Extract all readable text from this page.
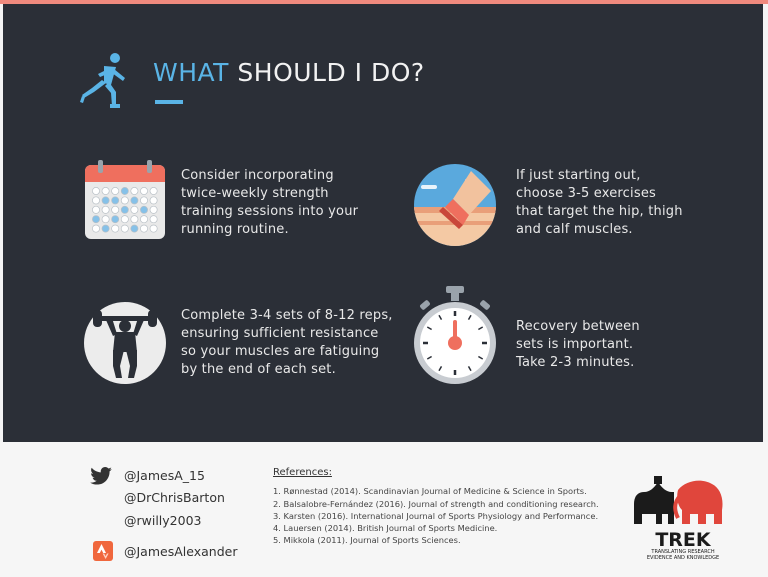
WHAT SHOULD I DO?
Consider incorporating
twice-weekly strength
training sessions into your
running routine.
If just starting out,
choose 3-5 exercises
that target the hip, thigh
and calf muscles.
Complete 3-4 sets of 8-12 reps,
ensuring sufficient resistance
so your muscles are fatiguing
by the end of each set.
Recovery between
sets is important.
Take 2-3 minutes.
@JamesA_15
@DrChrisBarton
@rwilly2003
@JamesAlexander
References:
1. Rønnestad (2014). Scandinavian Journal of Medicine & Science in Sports.
2. Balsalobre-Fernández (2016). Journal of strength and conditioning research.
3. Karsten (2016). International Journal of Sports Physiology and Performance.
4. Lauersen (2014). British Journal of Sports Medicine.
5. Mikkola (2011). Journal of Sports Sciences.	TREK
TRANSLATING RESEARCH EVIDENCE AND KNOWLEDGE
